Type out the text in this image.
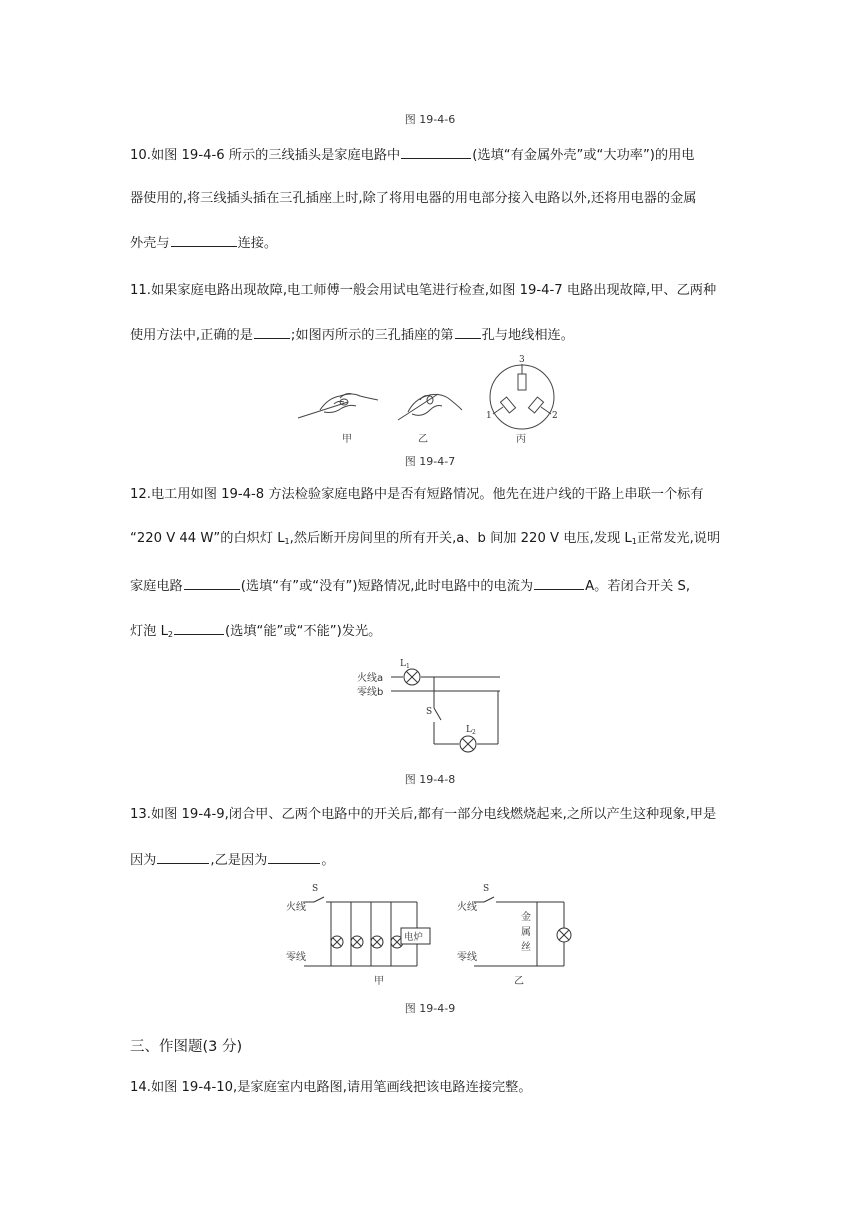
图 19-4-6
10.如图 19-4-6 所示的三线插头是家庭电路中	(选填“有金属外壳”或“大功率”)的用电
器使用的,将三线插头插在三孔插座上时,除了将用电器的用电部分接入电路以外,还将用电器的金属
外壳与	连接。
11.如果家庭电路出现故障,电工师傅一般会用试电笔进行检查,如图 19-4-7 电路出现故障,甲、乙两种
使用方法中,正确的是	;如图丙所示的三孔插座的第 孔与地线相连。
3
1	2
甲	乙	丙
图 19-4-7
12.电工用如图 19-4-8 方法检验家庭电路中是否有短路情况。他先在进户线的干路上串联一个标有
“220 V 44 W”的白炽灯 $L_1$,然后断开房间里的所有开关,a、b 间加 220 V 电压,发现 $L_1$正常发光,说明
家庭电路	(选填“有”或“没有”)短路情况,此时电路中的电流为	A。若闭合开关 S,
灯泡 $L_2$	(选填“能”或“不能”)发光。
火线a
零线b
$L_1$
$L_2$
S
图 19-4-8
13.如图 19-4-9,闭合甲、乙两个电路中的开关后,都有一部分电线燃烧起来,之所以产生这种现象,甲是
因为	,乙是因为	。
S
火线
零线
电炉
甲
S
火线
零线
金
属
丝
乙
图 19-4-9
三、作图题(3 分)
14.如图 19-4-10,是家庭室内电路图,请用笔画线把该电路连接完整。
